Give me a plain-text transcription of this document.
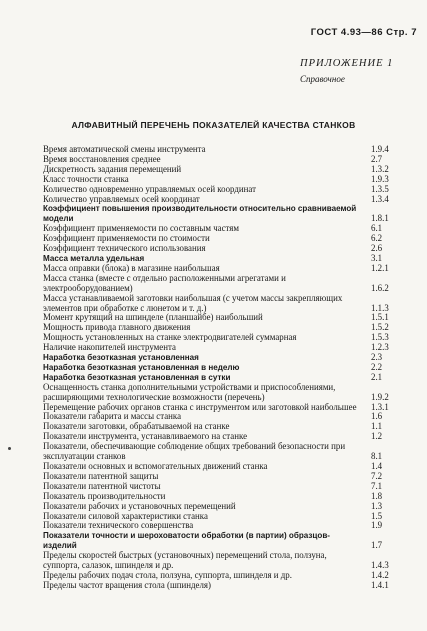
ГОСТ 4.93—86 Стр. 7
ПРИЛОЖЕНИЕ 1
Справочное
АЛФАВИТНЫЙ ПЕРЕЧЕНЬ ПОКАЗАТЕЛЕЙ КАЧЕСТВА СТАНКОВ
Время автоматической смены инструмента	1.9.4
Время восстановления среднее	2.7
Дискретность задания перемещений	1.3.2
Класс точности станка	1.9.3
Количество одновременно управляемых осей координат	1.3.5
Количество управляемых осей координат	1.3.4
Коэффициент повышения производительности относительно сравниваемой модели	1.8.1
Коэффициент применяемости по составным частям	6.1
Коэффициент применяемости по стоимости	6.2
Коэффициент технического использования	2.6
Масса металла удельная	3.1
Масса оправки (блока) в магазине наибольшая	1.2.1
Масса станка (вместе с отдельно расположенными агрегатами и электрооборудованием)	1.6.2
Масса устанавливаемой заготовки наибольшая (с учетом массы закрепляющих элементов при обработке с люнетом и т. д.)	1.1.3
Момент крутящий на шпинделе (планшайбе) наибольший	1.5.1
Мощность привода главного движения	1.5.2
Мощность установленных на станке электродвигателей суммарная	1.5.3
Наличие накопителей инструмента	1.2.3
Наработка безотказная установленная	2.3
Наработка безотказная установленная в неделю	2.2
Наработка безотказная установленная в сутки	2.1
Оснащенность станка дополнительными устройствами и приспособлениями, расширяющими технологические возможности (перечень)	1.9.2
Перемещение рабочих органов станка с инструментом или заготовкой наибольшее	1.3.1
Показатели габарита и массы станка	1.6
Показатели заготовки, обрабатываемой на станке	1.1
Показатели инструмента, устанавливаемого на станке	1.2
Показатели, обеспечивающие соблюдение общих требований безопасности при эксплуатации станков	8.1
Показатели основных и вспомогательных движений станка	1.4
Показатели патентной защиты	7.2
Показатели патентной чистоты	7.1
Показатель производительности	1.8
Показатели рабочих и установочных перемещений	1.3
Показатели силовой характеристики станка	1.5
Показатели технического совершенства	1.9
Показатели точности и шероховатости обработки (в партии) образцов-изделий	1.7
Пределы скоростей быстрых (установочных) перемещений стола, ползуна, суппорта, салазок, шпинделя и др.	1.4.3
Пределы рабочих подач стола, ползуна, суппорта, шпинделя и др.	1.4.2
Пределы частот вращения стола (шпинделя)	1.4.1
